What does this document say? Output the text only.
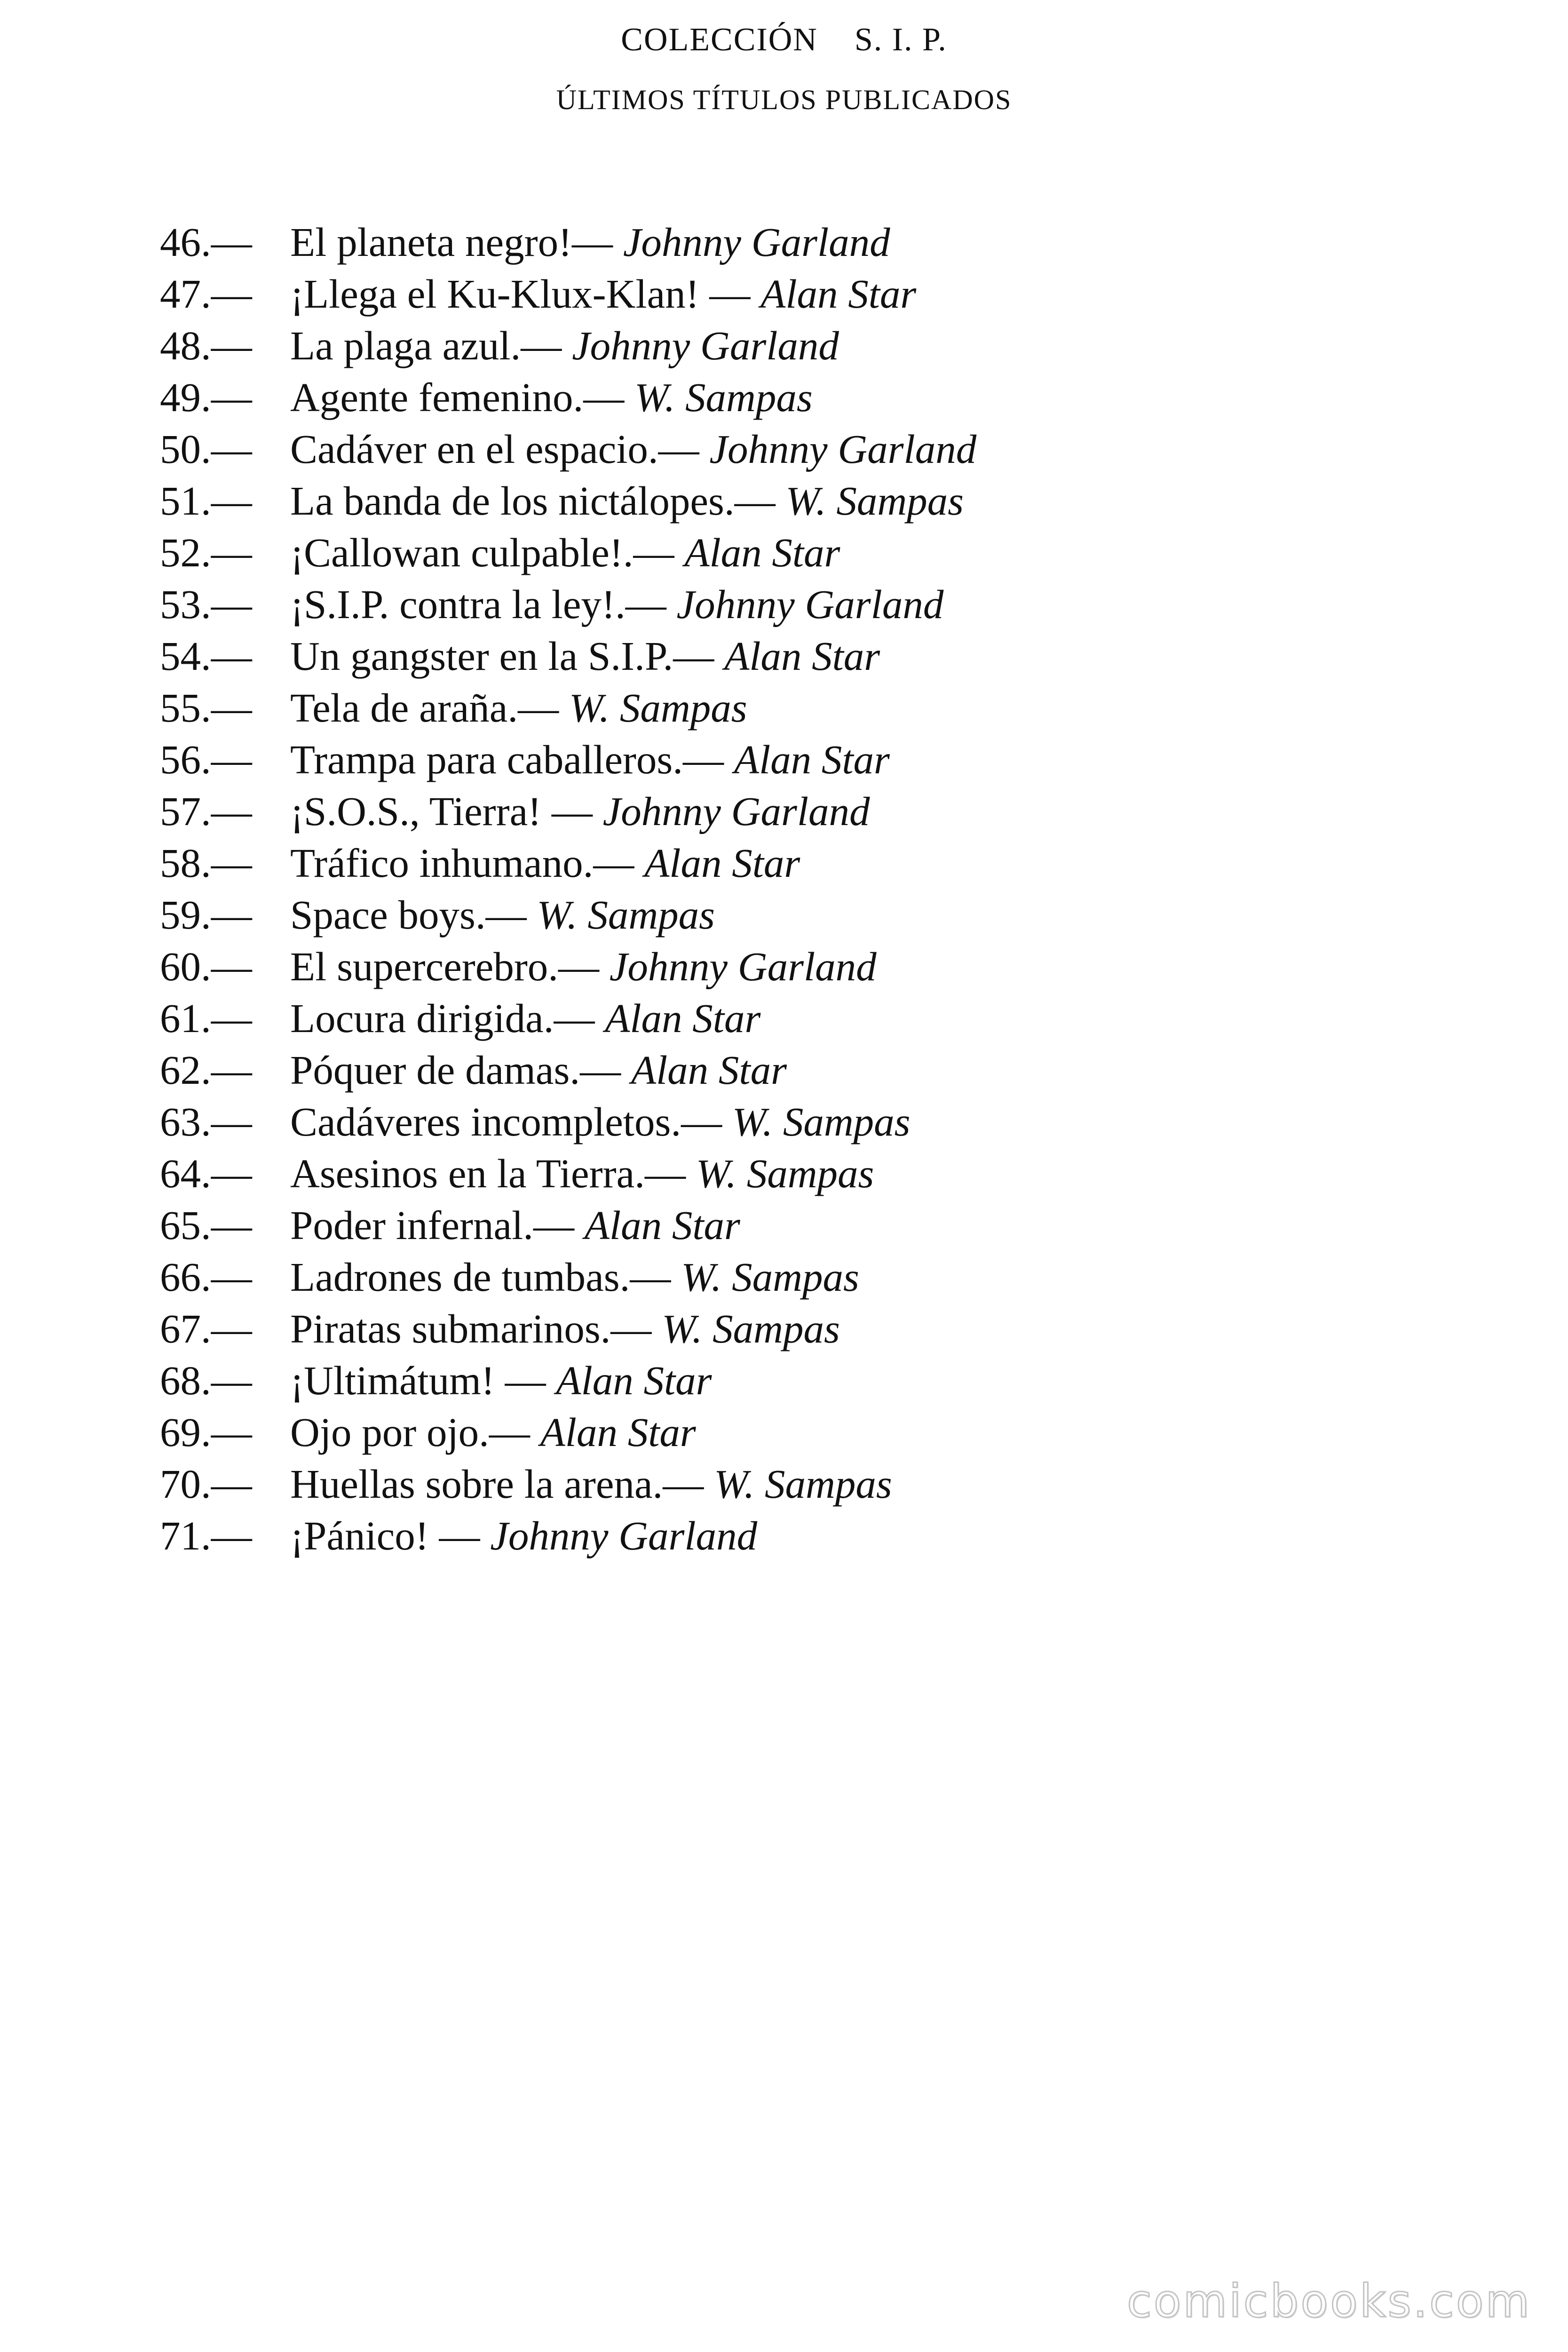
COLECCIÓN    S. I. P.
ÚLTIMOS TÍTULOS PUBLICADOS
46.— El planeta negro!— Johnny Garland
47.— ¡Llega el Ku-Klux-Klan! — Alan Star
48.— La plaga azul.— Johnny Garland
49.— Agente femenino.— W. Sampas
50.— Cadáver en el espacio.— Johnny Garland
51.— La banda de los nictálopes.— W. Sampas
52.— ¡Callowan culpable!.— Alan Star
53.— ¡S.I.P. contra la ley!.— Johnny Garland
54.— Un gangster en la S.I.P.— Alan Star
55.— Tela de araña.— W. Sampas
56.— Trampa para caballeros.— Alan Star
57.— ¡S.O.S., Tierra! — Johnny Garland
58.— Tráfico inhumano.— Alan Star
59.— Space boys.— W. Sampas
60.— El supercerebro.— Johnny Garland
61.— Locura dirigida.— Alan Star
62.— Póquer de damas.— Alan Star
63.— Cadáveres incompletos.— W. Sampas
64.— Asesinos en la Tierra.— W. Sampas
65.— Poder infernal.— Alan Star
66.— Ladrones de tumbas.— W. Sampas
67.— Piratas submarinos.— W. Sampas
68.— ¡Ultimátum! — Alan Star
69.— Ojo por ojo.— Alan Star
70.— Huellas sobre la arena.— W. Sampas
71.— ¡Pánico! — Johnny Garland
comicbooks.com
